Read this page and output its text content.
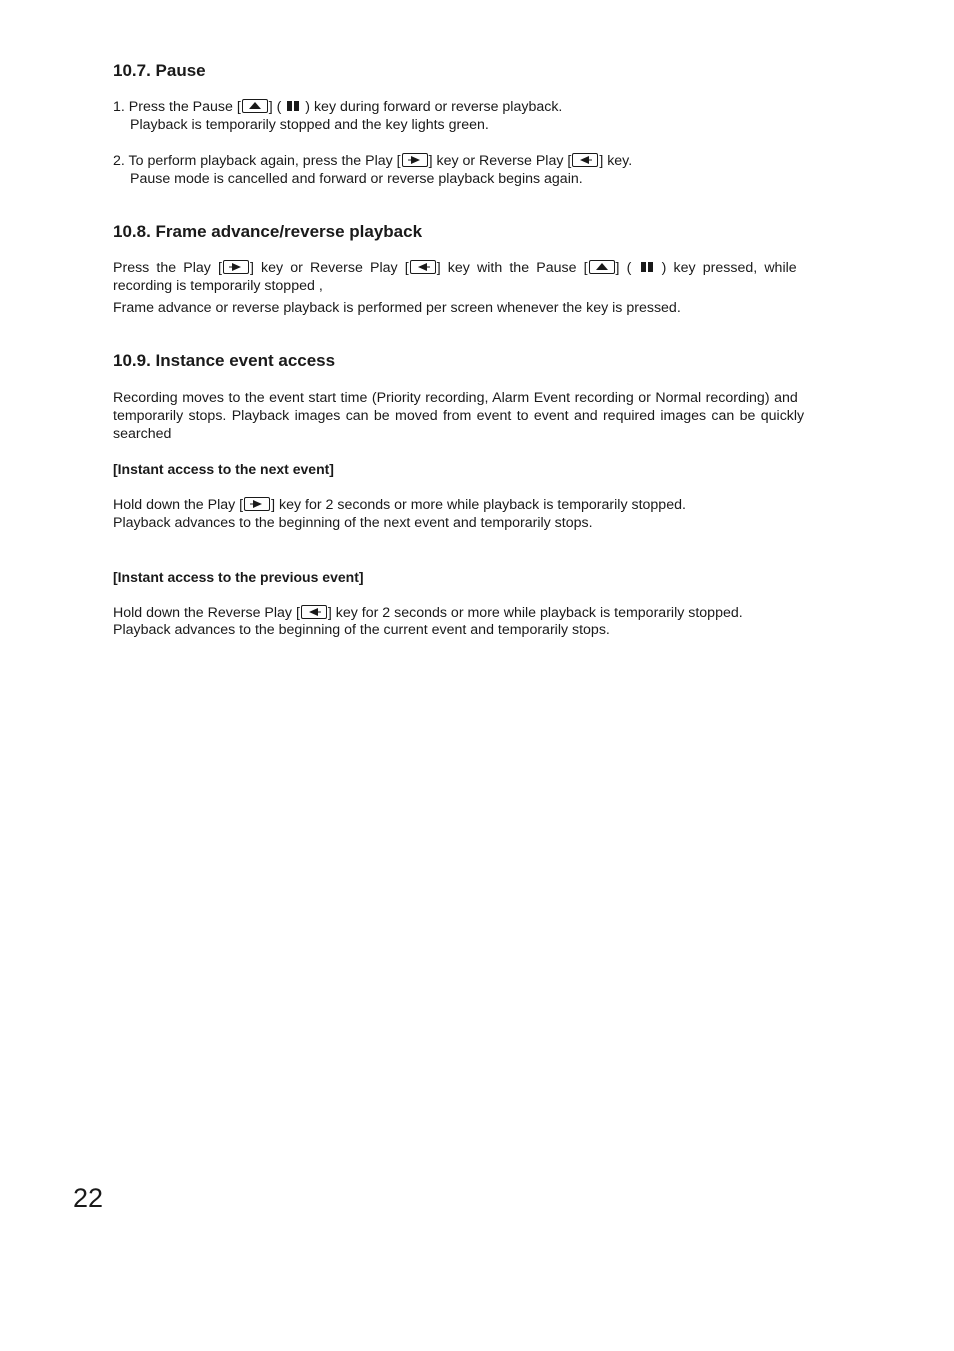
10.7. Pause
1. Press the Pause [ ] ( ) key during forward or reverse playback.
Playback is temporarily stopped and the key lights green.
2. To perform playback again, press the Play [ ] key or Reverse Play [ ] key.
Pause mode is cancelled and forward or reverse playback begins again.
10.8. Frame advance/reverse playback
Press the Play [ ] key or Reverse Play [ ] key with the Pause [ ] ( ) key pressed, while
recording is temporarily stopped ,
Frame advance or reverse playback is performed per screen whenever the key is pressed.
10.9. Instance event access
Recording moves to the event start time (Priority recording, Alarm Event recording or Normal recording) and
temporarily stops. Playback images can be moved from event to event and required images can be quickly
searched
[Instant access to the next event]
Hold down the Play [ ] key for 2 seconds or more while playback is temporarily stopped.
Playback advances to the beginning of the next event and temporarily stops.
[Instant access to the previous event]
Hold down the Reverse Play [ ] key for 2 seconds or more while playback is temporarily stopped.
Playback advances to the beginning of the current event and temporarily stops.
22
